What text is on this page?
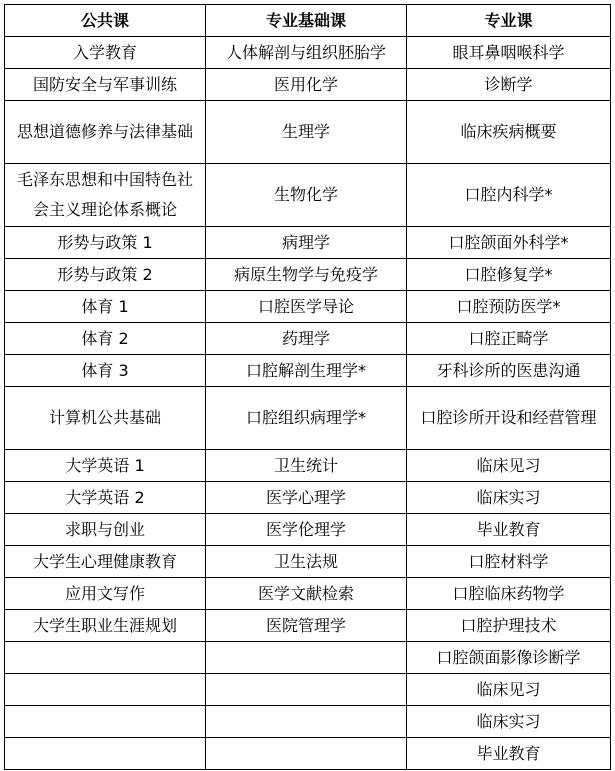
公共课	专业基础课	专业课
入学教育	人体解剖与组织胚胎学	眼耳鼻咽喉科学
国防安全与军事训练	医用化学	诊断学
思想道德修养与法律基础	生理学	临床疾病概要
毛泽东思想和中国特色社会主义理论体系概论	生物化学	口腔内科学*
形势与政策 1	病理学	口腔颌面外科学*
形势与政策 2	病原生物学与免疫学	口腔修复学*
体育 1	口腔医学导论	口腔预防医学*
体育 2	药理学	口腔正畸学
体育 3	口腔解剖生理学*	牙科诊所的医患沟通
计算机公共基础	口腔组织病理学*	口腔诊所开设和经营管理
大学英语 1	卫生统计	临床见习
大学英语 2	医学心理学	临床实习
求职与创业	医学伦理学	毕业教育
大学生心理健康教育	卫生法规	口腔材料学
应用文写作	医学文献检索	口腔临床药物学
大学生职业生涯规划	医院管理学	口腔护理技术
		口腔颌面影像诊断学
		临床见习
		临床实习
		毕业教育
